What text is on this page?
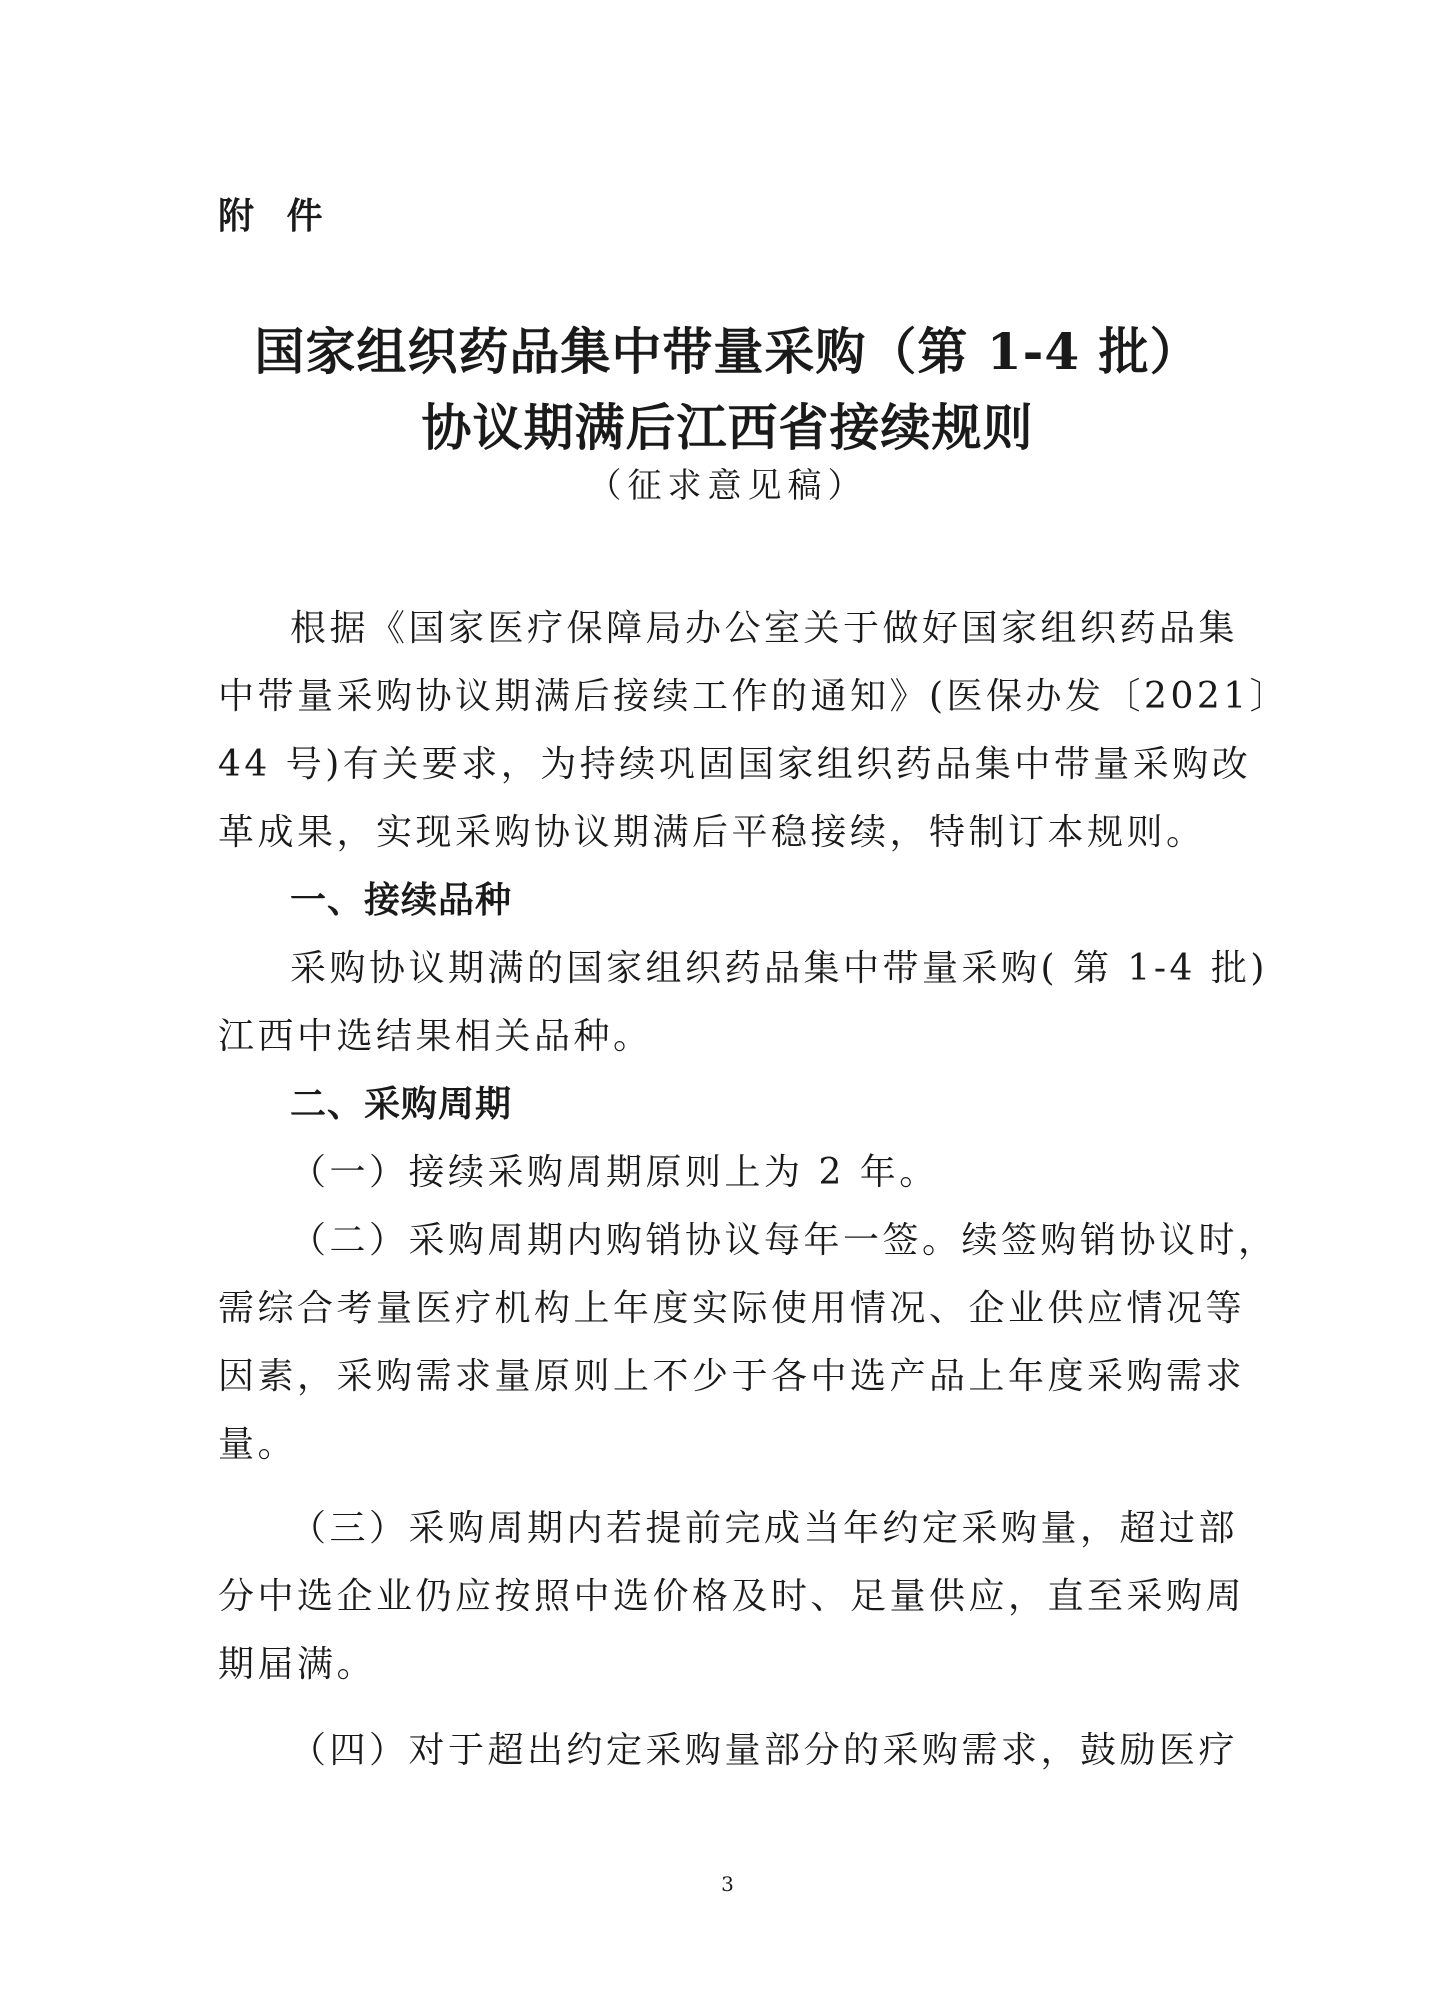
附 件
国家组织药品集中带量采购（第 1-4 批）
协议期满后江西省接续规则
（征求意见稿）
根据《国家医疗保障局办公室关于做好国家组织药品集
中带量采购协议期满后接续工作的通知》(医保办发〔2021〕
44 号)有关要求，为持续巩固国家组织药品集中带量采购改
革成果，实现采购协议期满后平稳接续，特制订本规则。
一、接续品种
采购协议期满的国家组织药品集中带量采购( 第 1-4 批)
江西中选结果相关品种。
二、采购周期
（一）接续采购周期原则上为 2 年。
（二）采购周期内购销协议每年一签。续签购销协议时，
需综合考量医疗机构上年度实际使用情况、企业供应情况等
因素，采购需求量原则上不少于各中选产品上年度采购需求
量。
（三）采购周期内若提前完成当年约定采购量，超过部
分中选企业仍应按照中选价格及时、足量供应，直至采购周
期届满。
（四）对于超出约定采购量部分的采购需求，鼓励医疗
3
